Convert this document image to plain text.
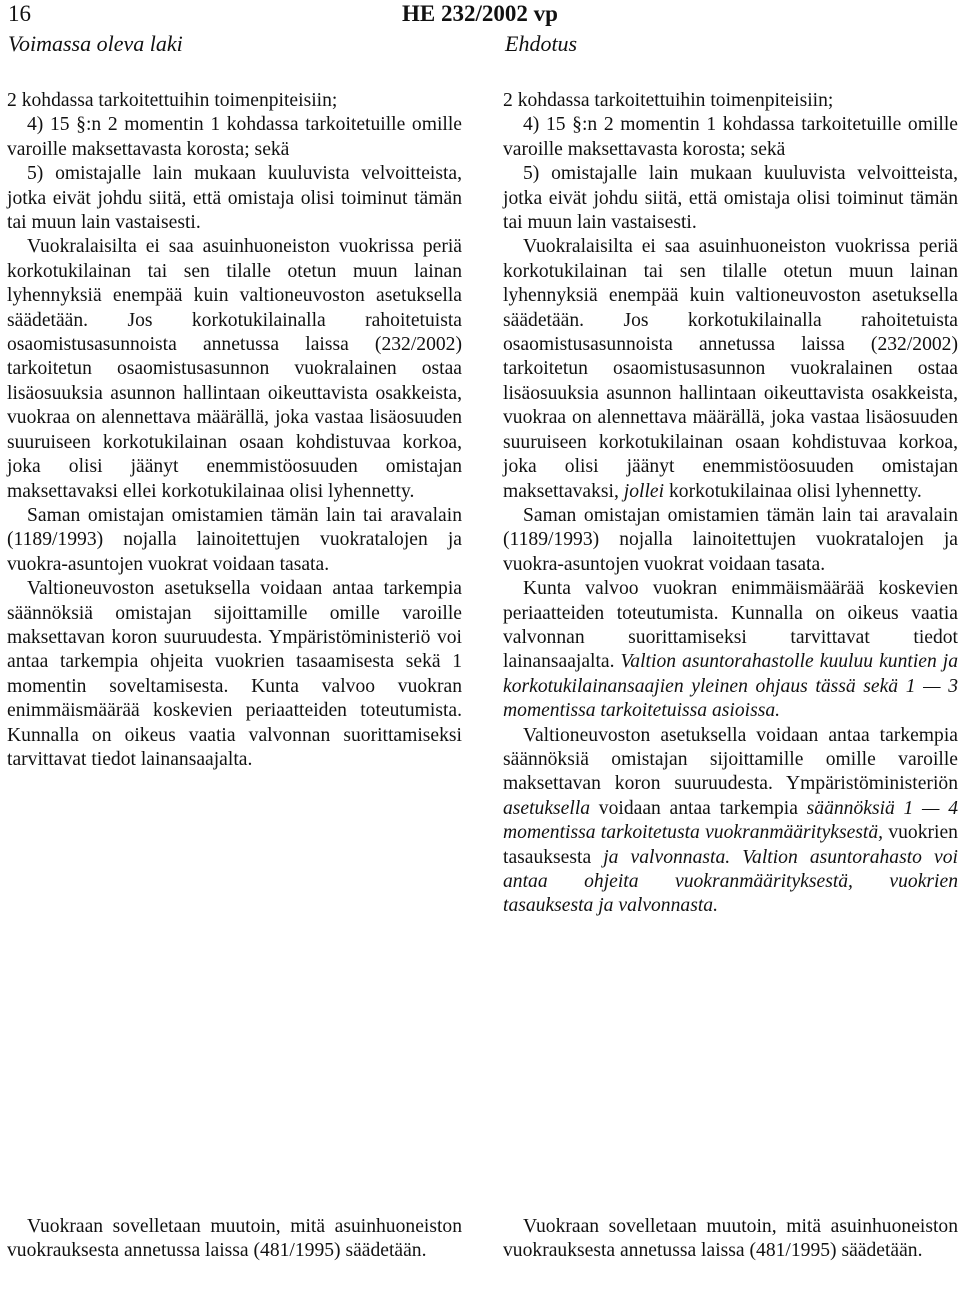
16	HE 232/2002 vp
Voimassa oleva laki	Ehdotus

2 kohdassa tarkoitettuihin toimenpiteisiin;

4) 15 §:n 2 momentin 1 kohdassa tarkoitetuille omille varoille maksettavasta korosta; sekä

5) omistajalle lain mukaan kuuluvista velvoitteista, jotka eivät johdu siitä, että omistaja olisi toiminut tämän tai muun lain vastaisesti.

Vuokralaisilta ei saa asuinhuoneiston vuokrissa periä korkotukilainan tai sen tilalle otetun muun lainan lyhennyksiä enempää kuin valtioneuvoston asetuksella säädetään. Jos korkotukilainalla rahoitetuista osaomistusasunnoista annetussa laissa (232/2002) tarkoitetun osaomistusasunnon vuokralainen ostaa lisäosuuksia asunnon hallintaan oikeuttavista osakkeista, vuokraa on alennettava määrällä, joka vastaa lisäosuuden suuruiseen korkotukilainan osaan kohdistuvaa korkoa, joka olisi jäänyt enemmistöosuuden omistajan maksettavaksi ellei korkotukilainaa olisi lyhennetty.

Saman omistajan omistamien tämän lain tai aravalain (1189/1993) nojalla lainoitettujen vuokratalojen ja vuokra-asuntojen vuokrat voidaan tasata.

Valtioneuvoston asetuksella voidaan antaa tarkempia säännöksiä omistajan sijoittamille omille varoille maksettavan koron suuruudesta. Ympäristöministeriö voi antaa tarkempia ohjeita vuokrien tasaamisesta sekä 1 momentin soveltamisesta. Kunta valvoo vuokran enimmäismäärää koskevien periaatteiden toteutumista. Kunnalla on oikeus vaatia valvonnan suorittamiseksi tarvittavat tiedot lainansaajalta.

2 kohdassa tarkoitettuihin toimenpiteisiin;

4) 15 §:n 2 momentin 1 kohdassa tarkoitetuille omille varoille maksettavasta korosta; sekä

5) omistajalle lain mukaan kuuluvista velvoitteista, jotka eivät johdu siitä, että omistaja olisi toiminut tämän tai muun lain vastaisesti.

Vuokralaisilta ei saa asuinhuoneiston vuokrissa periä korkotukilainan tai sen tilalle otetun muun lainan lyhennyksiä enempää kuin valtioneuvoston asetuksella säädetään. Jos korkotukilainalla rahoitetuista osaomistusasunnoista annetussa laissa (232/2002) tarkoitetun osaomistusasunnon vuokralainen ostaa lisäosuuksia asunnon hallintaan oikeuttavista osakkeista, vuokraa on alennettava määrällä, joka vastaa lisäosuuden suuruiseen korkotukilainan osaan kohdistuvaa korkoa, joka olisi jäänyt enemmistöosuuden omistajan maksettavaksi, jollei korkotukilainaa olisi lyhennetty.

Saman omistajan omistamien tämän lain tai aravalain (1189/1993) nojalla lainoitettujen vuokratalojen ja vuokra-asuntojen vuokrat voidaan tasata.

Kunta valvoo vuokran enimmäismäärää koskevien periaatteiden toteutumista. Kunnalla on oikeus vaatia valvonnan suorittamiseksi tarvittavat tiedot lainansaajalta. Valtion asuntorahastolle kuuluu kuntien ja korkotukilainansaajien yleinen ohjaus tässä sekä 1 — 3 momentissa tarkoitetuissa asioissa.

Valtioneuvoston asetuksella voidaan antaa tarkempia säännöksiä omistajan sijoittamille omille varoille maksettavan koron suuruudesta. Ympäristöministeriön asetuksella voidaan antaa tarkempia säännöksiä 1 — 4 momentissa tarkoitetusta vuokranmäärityksestä, vuokrien tasauksesta ja valvonnasta. Valtion asuntorahasto voi antaa ohjeita vuokranmäärityksestä, vuokrien tasauksesta ja valvonnasta.

Vuokraan sovelletaan muutoin, mitä asuinhuoneiston vuokrauksesta annetussa laissa (481/1995) säädetään.

Vuokraan sovelletaan muutoin, mitä asuinhuoneiston vuokrauksesta annetussa laissa (481/1995) säädetään.
